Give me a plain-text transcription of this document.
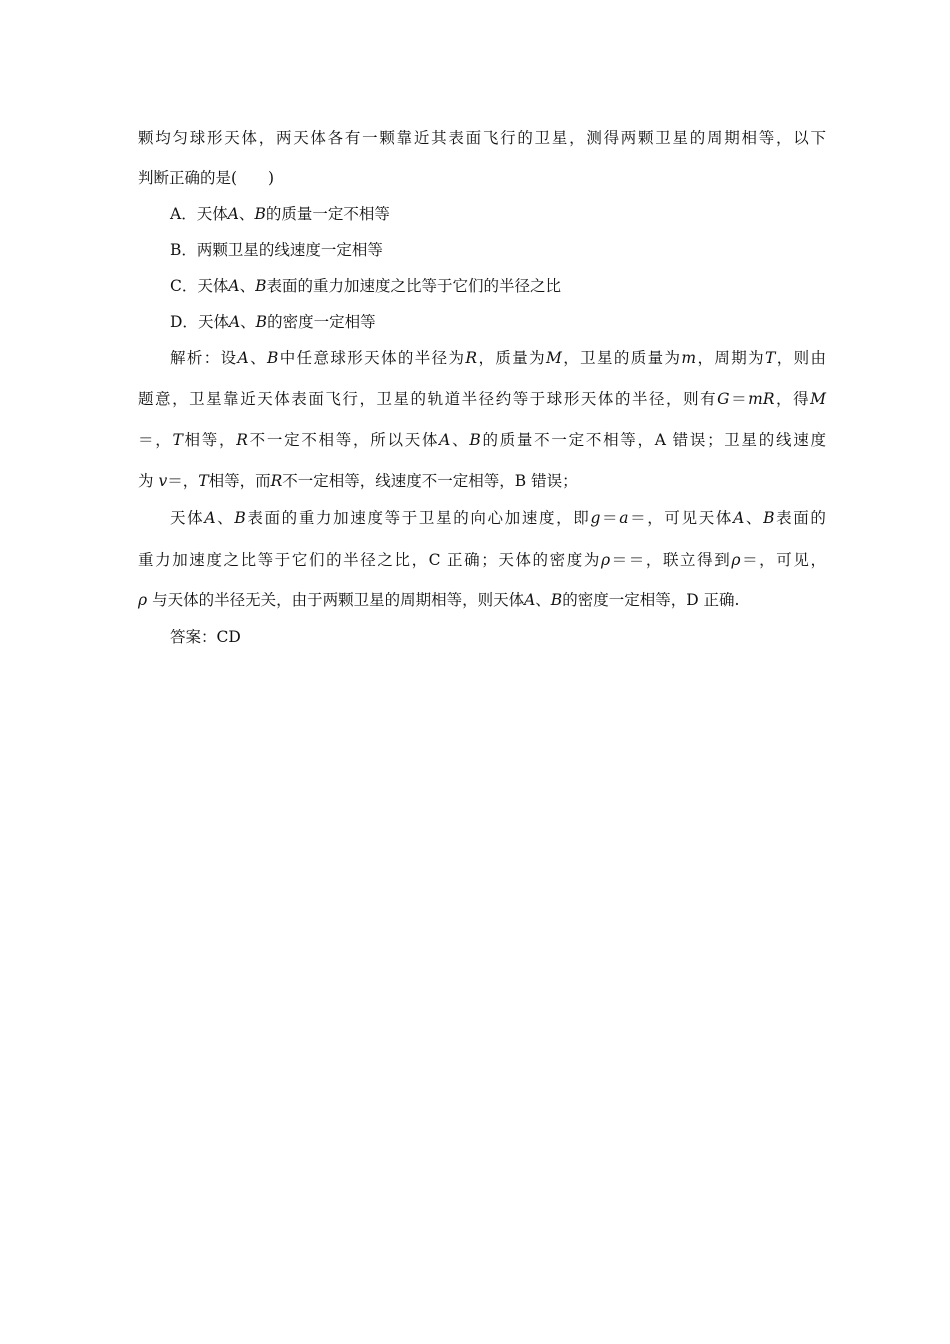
颗均匀球形天体，两天体各有一颗靠近其表面飞行的卫星，测得两颗卫星的周期相等，以下
判断正确的是(　　)
A．天体A、B的质量一定不相等
B．两颗卫星的线速度一定相等
C．天体A、B表面的重力加速度之比等于它们的半径之比
D．天体A、B的密度一定相等
解析：设A、B中任意球形天体的半径为R，质量为M，卫星的质量为m，周期为T，则由
题意，卫星靠近天体表面飞行，卫星的轨道半径约等于球形天体的半径，则有G＝mR，得M
＝，T相等，R不一定不相等，所以天体A、B的质量不一定不相等，A 错误；卫星的线速度
为 v＝，T相等，而R不一定相等，线速度不一定相等，B 错误；
天体A、B表面的重力加速度等于卫星的向心加速度，即g＝a＝，可见天体A、B表面的
重力加速度之比等于它们的半径之比，C 正确；天体的密度为ρ＝＝，联立得到ρ＝，可见，
ρ 与天体的半径无关，由于两颗卫星的周期相等，则天体A、B的密度一定相等，D 正确.
答案：CD
